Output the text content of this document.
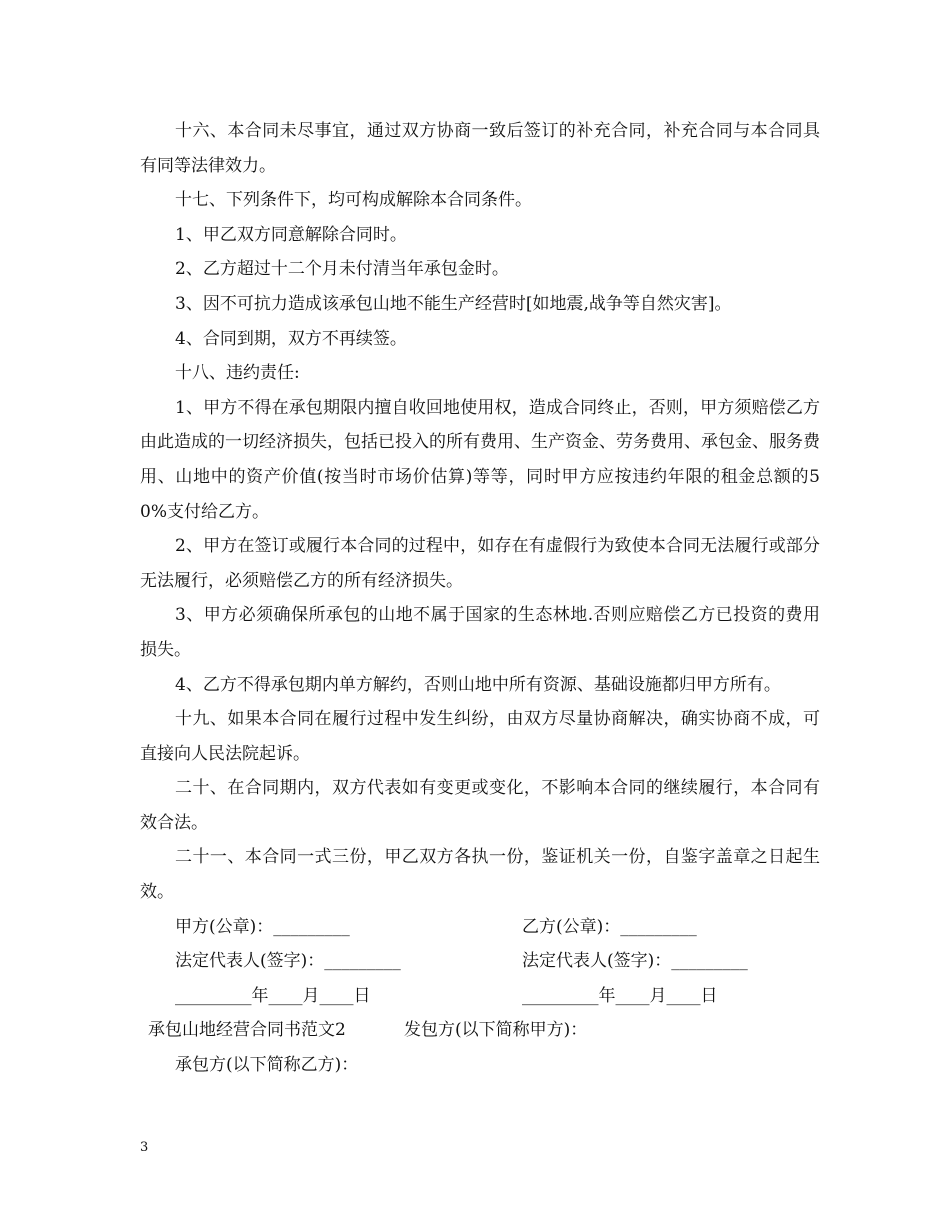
十六、本合同未尽事宜，通过双方协商一致后签订的补充合同，补充合同与本合同具有同等法律效力。

十七、下列条件下，均可构成解除本合同条件。

1、甲乙双方同意解除合同时。

2、乙方超过十二个月未付清当年承包金时。

3、因不可抗力造成该承包山地不能生产经营时[如地震,战争等自然灾害]。

4、合同到期，双方不再续签。

十八、违约责任:

1、甲方不得在承包期限内擅自收回地使用权，造成合同终止，否则，甲方须赔偿乙方由此造成的一切经济损失，包括已投入的所有费用、生产资金、劳务费用、承包金、服务费用、山地中的资产价值(按当时市场价估算)等等，同时甲方应按违约年限的租金总额的50%支付给乙方。

2、甲方在签订或履行本合同的过程中，如存在有虚假行为致使本合同无法履行或部分无法履行，必须赔偿乙方的所有经济损失。

3、甲方必须确保所承包的山地不属于国家的生态林地.否则应赔偿乙方已投资的费用损失。

4、乙方不得承包期内单方解约，否则山地中所有资源、基础设施都归甲方所有。

十九、如果本合同在履行过程中发生纠纷，由双方尽量协商解决，确实协商不成，可直接向人民法院起诉。

二十、在合同期内，双方代表如有变更或变化，不影响本合同的继续履行，本合同有效合法。

二十一、本合同一式三份，甲乙双方各执一份，鉴证机关一份，自鉴字盖章之日起生效。

甲方(公章)：_________	乙方(公章)：_________
法定代表人(签字)：_________	法定代表人(签字)：_________
_________年____月____日	_________年____月____日
承包山地经营合同书范文2	发包方(以下简称甲方)：
承包方(以下简称乙方)：
3
